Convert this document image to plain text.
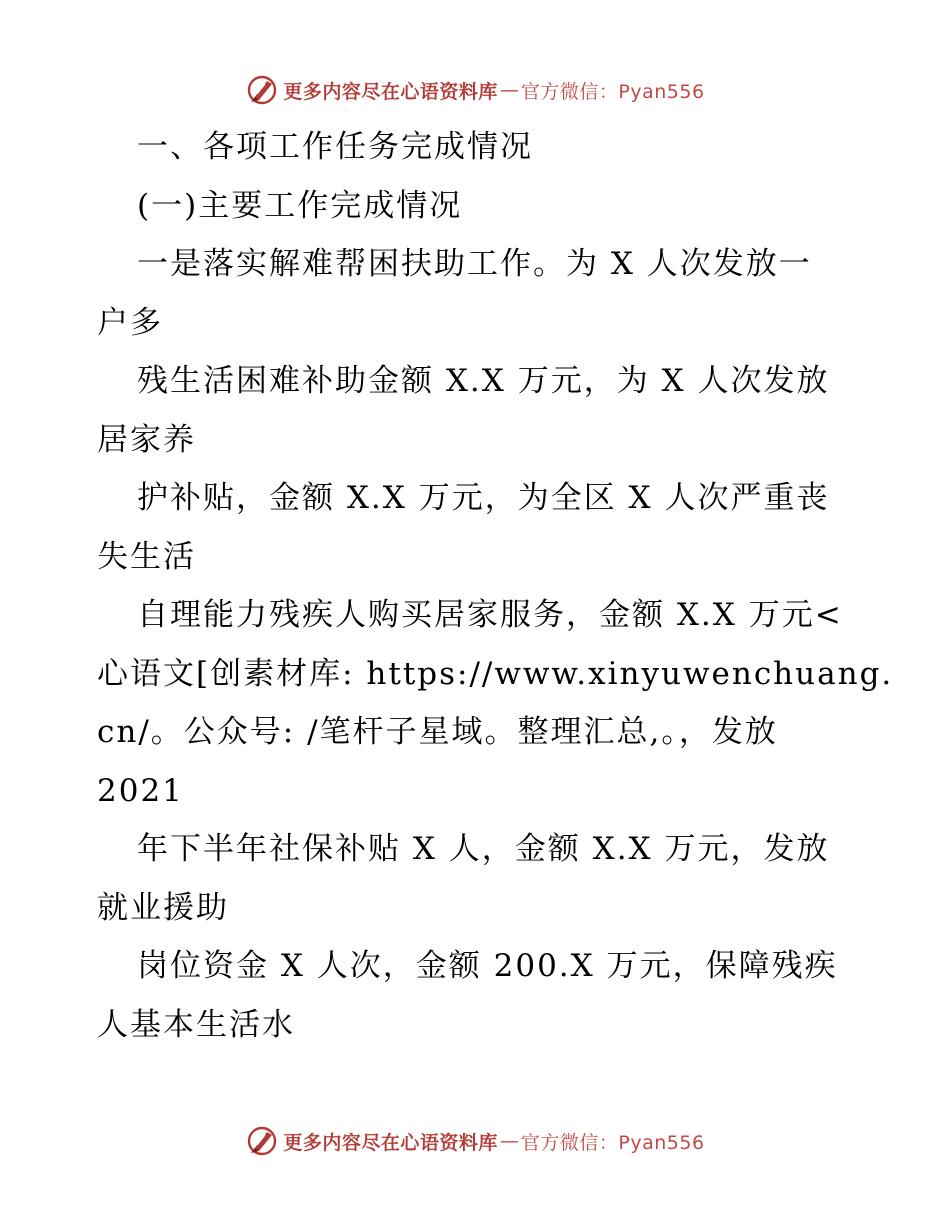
更多内容尽在心语资料库 — 官方微信：Pyan556
一、各项工作任务完成情况
(一)主要工作完成情况
一是落实解难帮困扶助工作。为 X 人次发放一
户多
残生活困难补助金额 X.X 万元，为 X 人次发放
居家养
护补贴，金额 X.X 万元，为全区 X 人次严重丧
失生活
自理能力残疾人购买居家服务，金额 X.X 万元<
心语文[创素材库: https://www.xinyuwenchuang.
cn/。公众号: /笔杆子星域。整理汇总,。，发放
2021
年下半年社保补贴 X 人，金额 X.X 万元，发放
就业援助
岗位资金 X 人次，金额 200.X 万元，保障残疾
人基本生活水
更多内容尽在心语资料库 — 官方微信：Pyan556
